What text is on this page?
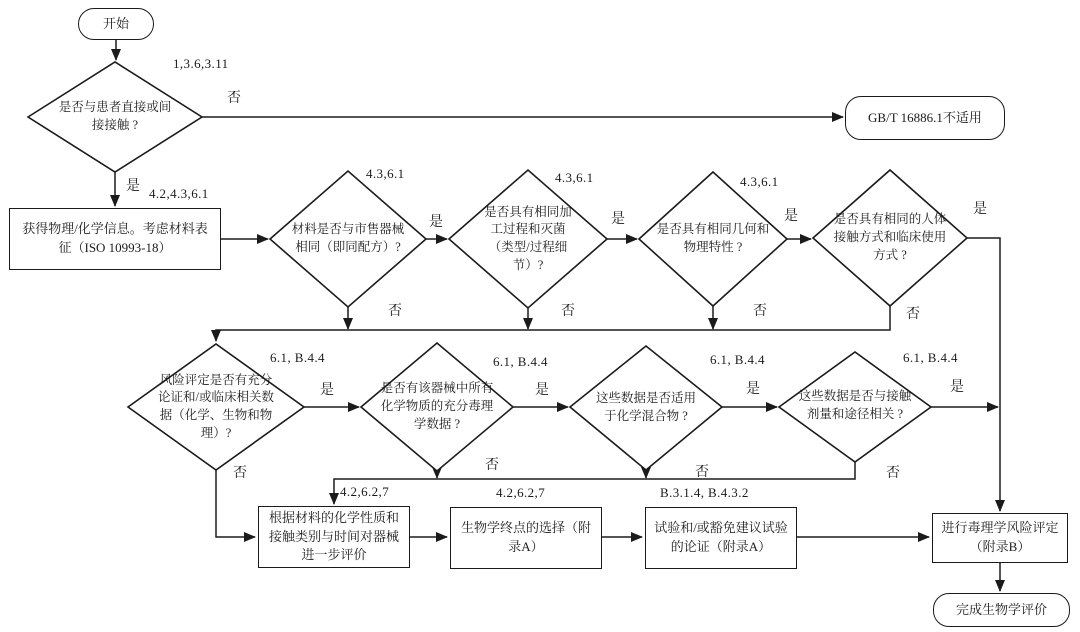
开始
GB/T 16886.1不适用
获得物理/化学信息。考虑材料表征（ISO 10993-18）
根据材料的化学性质和接触类别与时间对器械进一步评价
生物学终点的选择（附录A）
试验和/或豁免建议试验的论证（附录A）
进行毒理学风险评定（附录B）
完成生物学评价
是否与患者直接或间接接触 ?
材料是否与市售器械相同（即同配方）?
是否具有相同加工过程和灭菌（类型/过程细节）?
是否具有相同几何和物理特性 ?
是否具有相同的人体接触方式和临床使用方式 ?
风险评定是否有充分论证和/或临床相关数据（化学、生物和物理）?
是否有该器械中所有化学物质的充分毒理学数据 ?
这些数据是否适用于化学混合物 ?
这些数据是否与接触剂量和途径相关 ?
1,3.6,3.11
4.2,4.3,6.1
4.3,6.1	4.3,6.1	4.3,6.1
6.1, B.4.4	6.1, B.4.4	6.1, B.4.4	6.1, B.4.4
4.2,6.2,7	4.2,6.2,7	B.3.1.4, B.4.3.2
否
是
是	是	是	是
否	否	否	否
是	是	是	是
否
否	否	否
